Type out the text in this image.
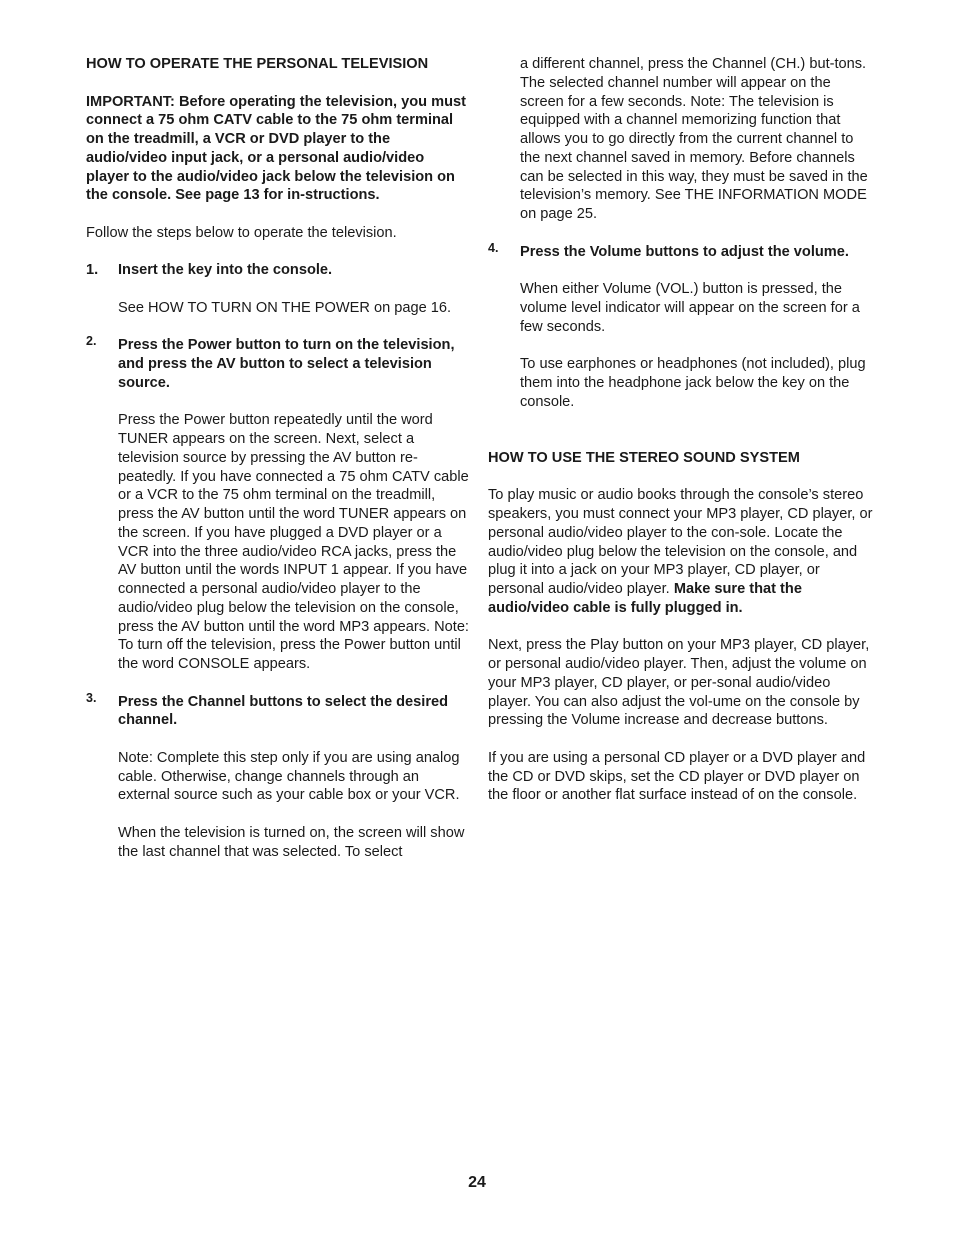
HOW TO OPERATE THE PERSONAL TELEVISION

IMPORTANT: Before operating the television, you must connect a 75 ohm CATV cable to the 75 ohm terminal on the treadmill, a VCR or DVD player to the audio/video input jack, or a personal audio/video player to the audio/video jack below the television on the console. See page 13 for in-structions.

Follow the steps below to operate the television.

1. Insert the key into the console.

See HOW TO TURN ON THE POWER on page 16.

2. Press the Power button to turn on the television, and press the AV button to select a television source.

Press the Power button repeatedly until the word TUNER appears on the screen. Next, select a television source by pressing the AV button re-peatedly. If you have connected a 75 ohm CATV cable or a VCR to the 75 ohm terminal on the treadmill, press the AV button until the word TUNER appears on the screen. If you have plugged a DVD player or a VCR into the three audio/video RCA jacks, press the AV button until the words INPUT 1 appear. If you have connected a personal audio/video player to the audio/video plug below the television on the console, press the AV button until the word MP3 appears. Note: To turn off the television, press the Power button until the word CONSOLE appears.

3. Press the Channel buttons to select the desired channel.

Note: Complete this step only if you are using analog cable. Otherwise, change channels through an external source such as your cable box or your VCR.

When the television is turned on, the screen will show the last channel that was selected. To select

a different channel, press the Channel (CH.) but-tons. The selected channel number will appear on the screen for a few seconds. Note: The television is equipped with a channel memorizing function that allows you to go directly from the current channel to the next channel saved in memory. Before channels can be selected in this way, they must be saved in the television’s memory. See THE INFORMATION MODE on page 25.

4. Press the Volume buttons to adjust the volume.

When either Volume (VOL.) button is pressed, the volume level indicator will appear on the screen for a few seconds.

To use earphones or headphones (not included), plug them into the headphone jack below the key on the console.

HOW TO USE THE STEREO SOUND SYSTEM

To play music or audio books through the console’s stereo speakers, you must connect your MP3 player, CD player, or personal audio/video player to the con-sole. Locate the audio/video plug below the television on the console, and plug it into a jack on your MP3 player, CD player, or personal audio/video player. Make sure that the audio/video cable is fully plugged in.

Next, press the Play button on your MP3 player, CD player, or personal audio/video player. Then, adjust the volume on your MP3 player, CD player, or per-sonal audio/video player. You can also adjust the vol-ume on the console by pressing the Volume increase and decrease buttons.

If you are using a personal CD player or a DVD player and the CD or DVD skips, set the CD player or DVD player on the floor or another flat surface instead of on the console.

24
